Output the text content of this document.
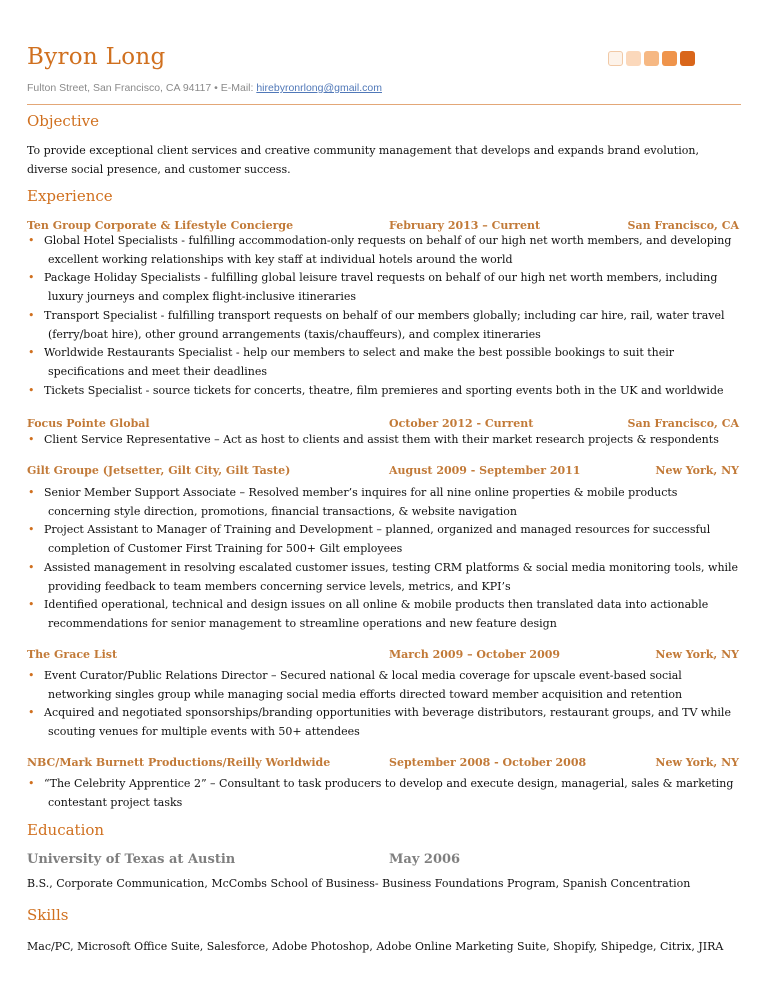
Byron Long
Fulton Street, San Francisco, CA 94117 • E-Mail: hirebyronrlong@gmail.com
Objective
To provide exceptional client services and creative community management that develops and expands brand evolution, diverse social presence, and customer success.
Experience
Ten Group Corporate & Lifestyle Concierge	February 2013 – Current	San Francisco, CA
• Global Hotel Specialists - fulfilling accommodation-only requests on behalf of our high net worth members, and developing excellent working relationships with key staff at individual hotels around the world
• Package Holiday Specialists - fulfilling global leisure travel requests on behalf of our high net worth members, including luxury journeys and complex flight-inclusive itineraries
• Transport Specialist - fulfilling transport requests on behalf of our members globally; including car hire, rail, water travel (ferry/boat hire), other ground arrangements (taxis/chauffeurs), and complex itineraries
• Worldwide Restaurants Specialist - help our members to select and make the best possible bookings to suit their specifications and meet their deadlines
• Tickets Specialist - source tickets for concerts, theatre, film premieres and sporting events both in the UK and worldwide
Focus Pointe Global	October 2012 - Current	San Francisco, CA
• Client Service Representative – Act as host to clients and assist them with their market research projects & respondents
Gilt Groupe (Jetsetter, Gilt City, Gilt Taste)	August 2009 - September 2011	New York, NY
• Senior Member Support Associate – Resolved member’s inquires for all nine online properties & mobile products concerning style direction, promotions, financial transactions, & website navigation
• Project Assistant to Manager of Training and Development – planned, organized and managed resources for successful completion of Customer First Training for 500+ Gilt employees
• Assisted management in resolving escalated customer issues, testing CRM platforms & social media monitoring tools, while providing feedback to team members concerning service levels, metrics, and KPI’s
• Identified operational, technical and design issues on all online & mobile products then translated data into actionable recommendations for senior management to streamline operations and new feature design
The Grace List	March 2009 – October 2009	New York, NY
• Event Curator/Public Relations Director – Secured national & local media coverage for upscale event-based social networking singles group while managing social media efforts directed toward member acquisition and retention
• Acquired and negotiated sponsorships/branding opportunities with beverage distributors, restaurant groups, and TV while scouting venues for multiple events with 50+ attendees
NBC/Mark Burnett Productions/Reilly Worldwide	September 2008 - October 2008	New York, NY
• “The Celebrity Apprentice 2” – Consultant to task producers to develop and execute design, managerial, sales & marketing contestant project tasks
Education
University of Texas at Austin	May 2006
B.S., Corporate Communication, McCombs School of Business- Business Foundations Program, Spanish Concentration
Skills
Mac/PC, Microsoft Office Suite, Salesforce, Adobe Photoshop, Adobe Online Marketing Suite, Shopify, Shipedge, Citrix, JIRA
